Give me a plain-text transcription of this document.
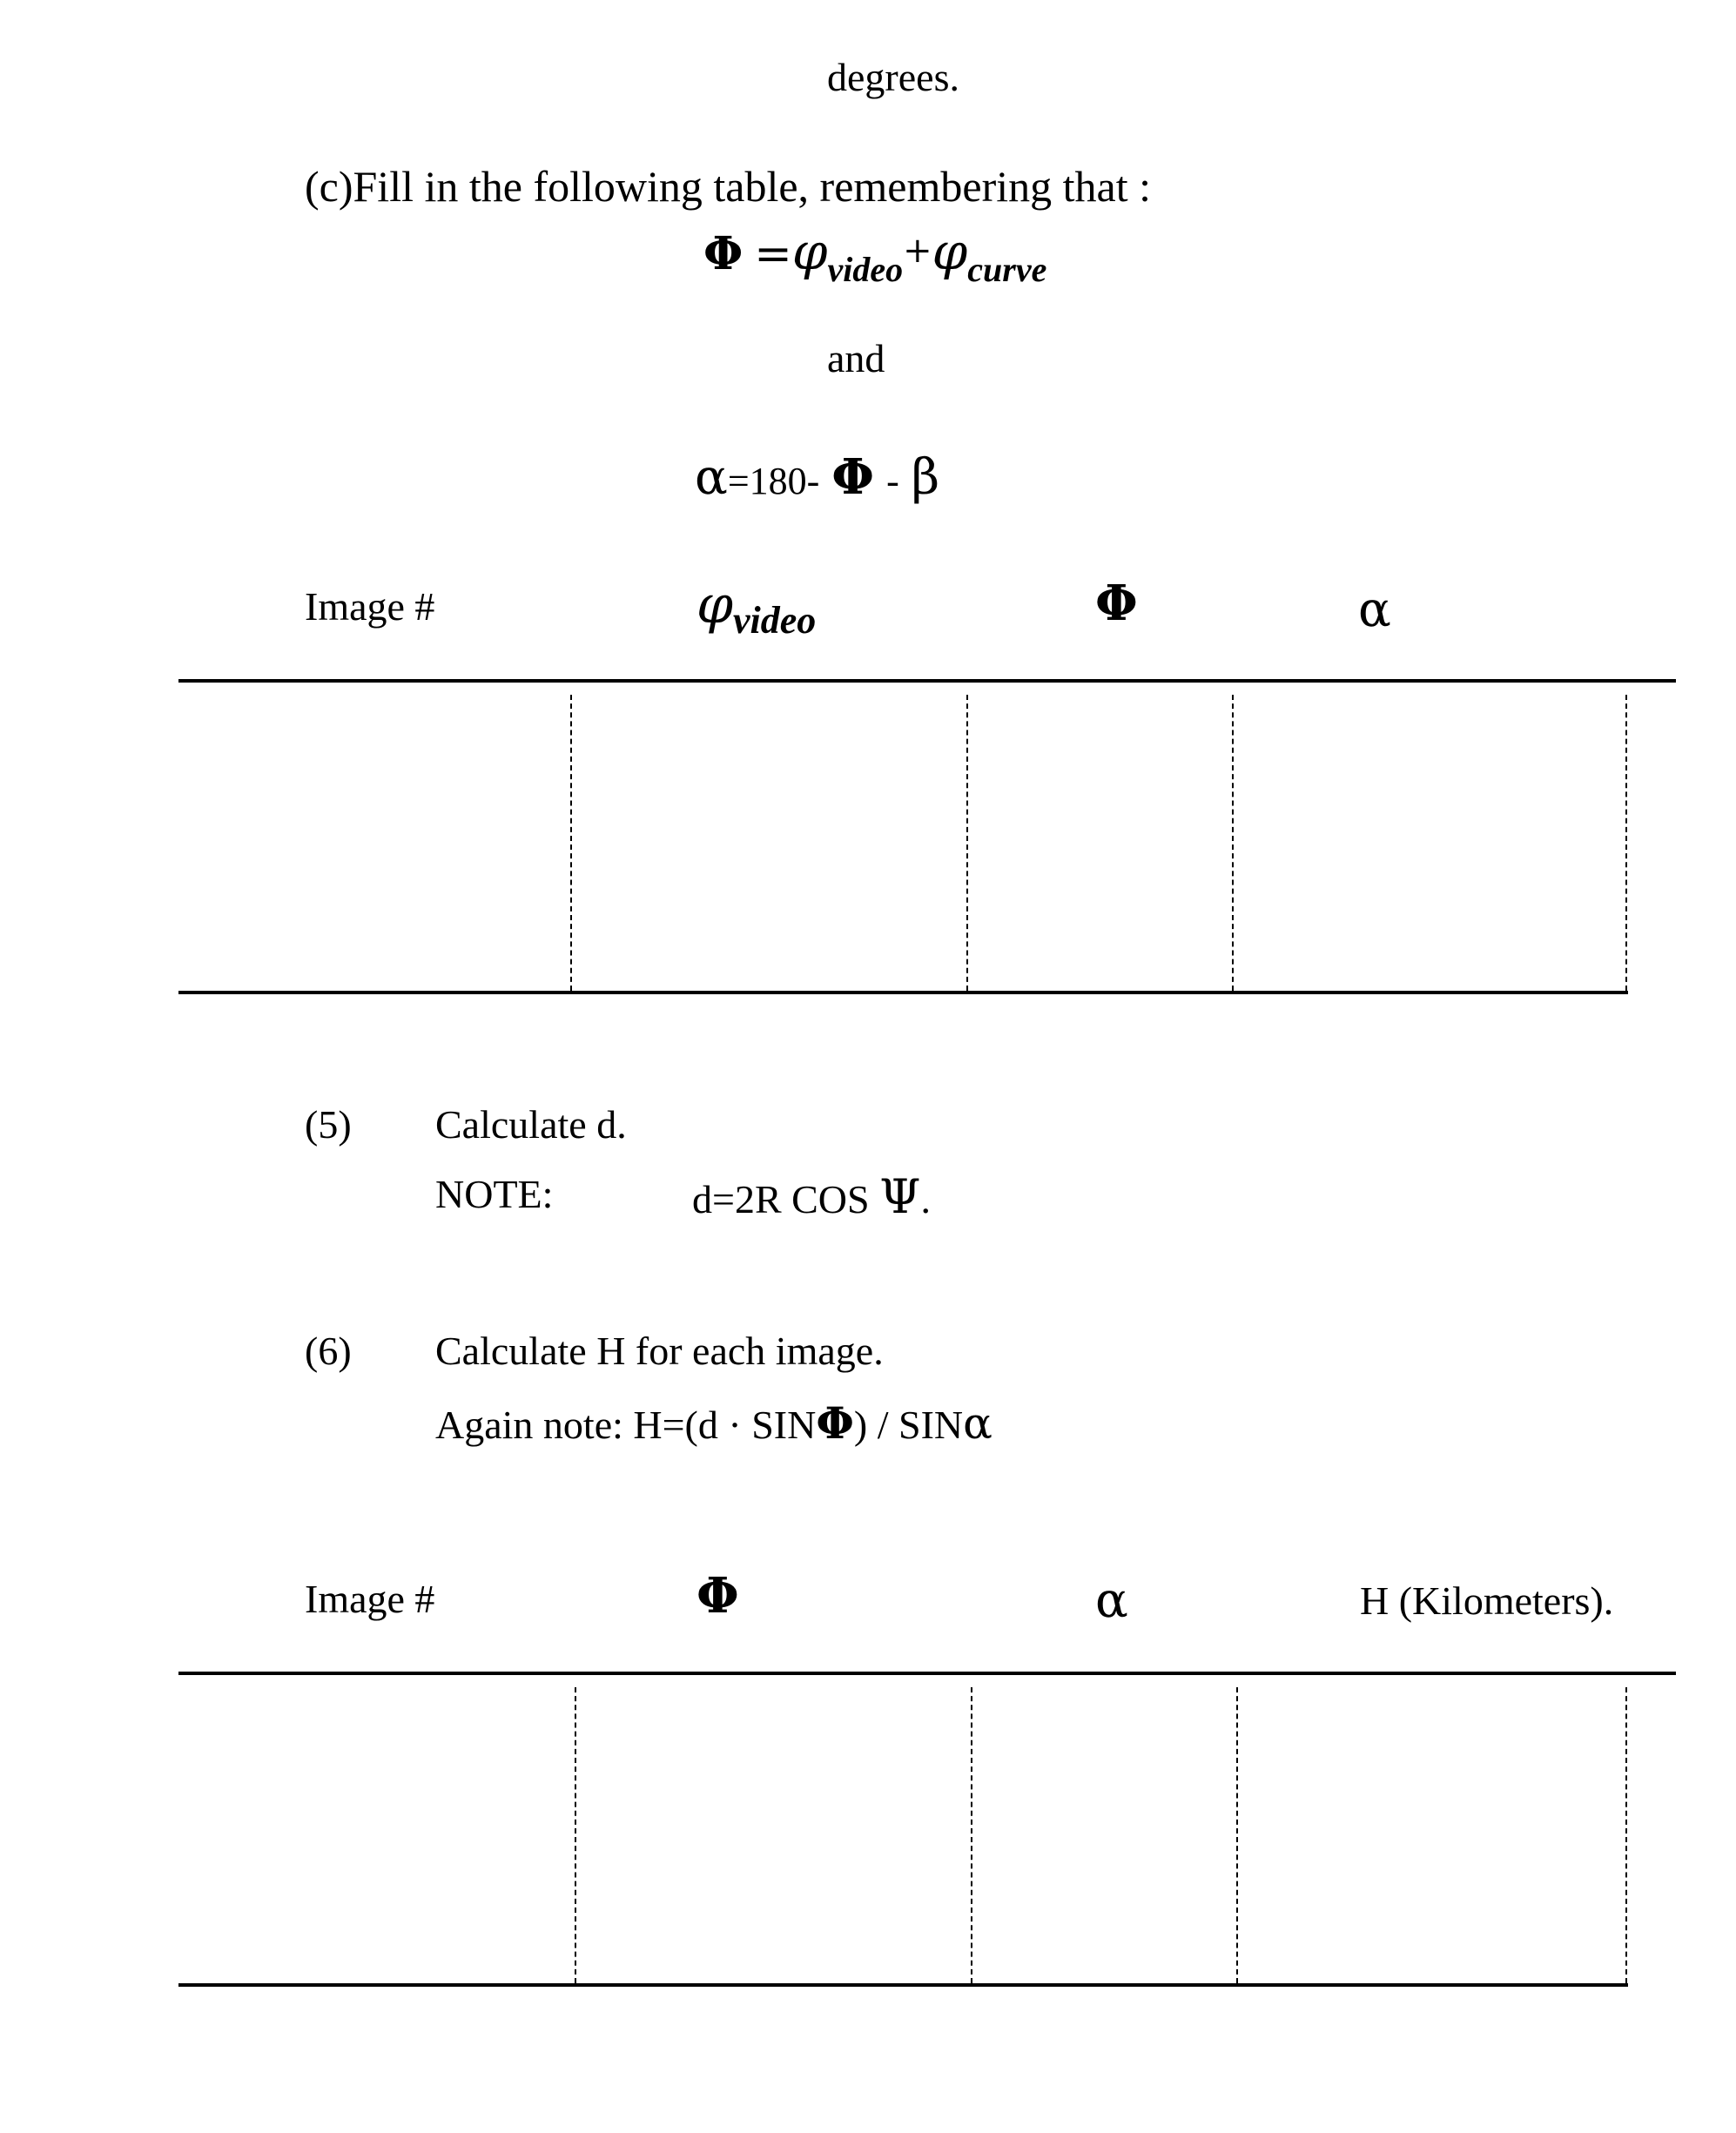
degrees.
(c)Fill in the following table, remembering that :
$\Phi =\varphi_{video}+\varphi_{curve}$
and
α=180- Φ - β
Image #	φvideo	Φ	α
(5) Calculate d.
NOTE:	d=2R COS Ψ.
(6) Calculate H for each image.
Again note: H=(d · SINΦ) / SINα
Image #	Φ	α	H (Kilometers).
